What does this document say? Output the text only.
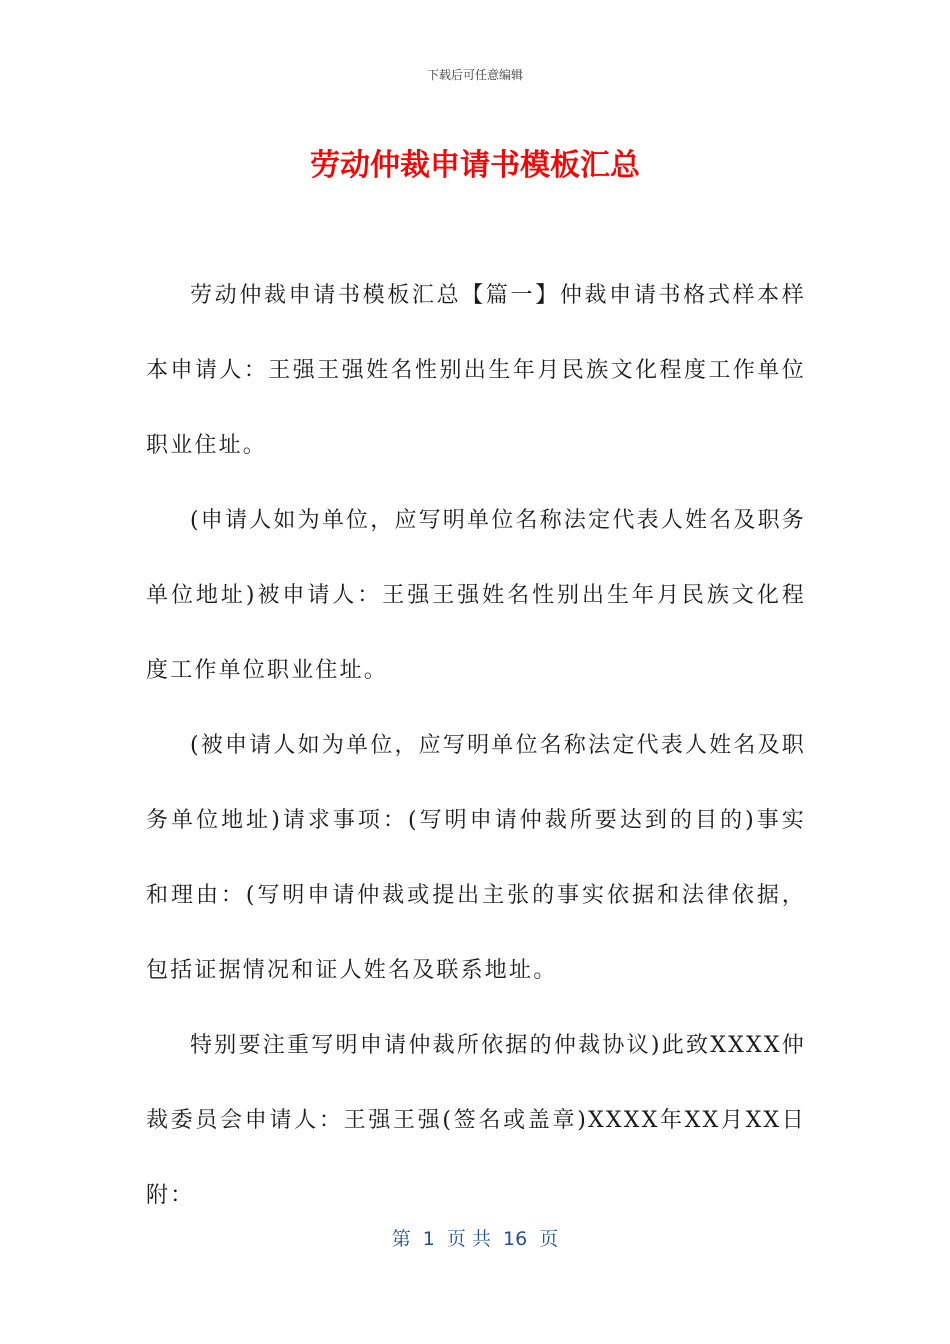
下载后可任意编辑
劳动仲裁申请书模板汇总

劳动仲裁申请书模板汇总【篇一】仲裁申请书格式样本样本申请人：王强王强姓名性别出生年月民族文化程度工作单位职业住址。

(申请人如为单位，应写明单位名称法定代表人姓名及职务单位地址)被申请人：王强王强姓名性别出生年月民族文化程度工作单位职业住址。

(被申请人如为单位，应写明单位名称法定代表人姓名及职务单位地址)请求事项：(写明申请仲裁所要达到的目的)事实和理由：(写明申请仲裁或提出主张的事实依据和法律依据，包括证据情况和证人姓名及联系地址。

特别要注重写明申请仲裁所依据的仲裁协议)此致XXXX仲裁委员会申请人：王强王强(签名或盖章)XXXX年XX月XX日附：

第  1  页 共  16  页
